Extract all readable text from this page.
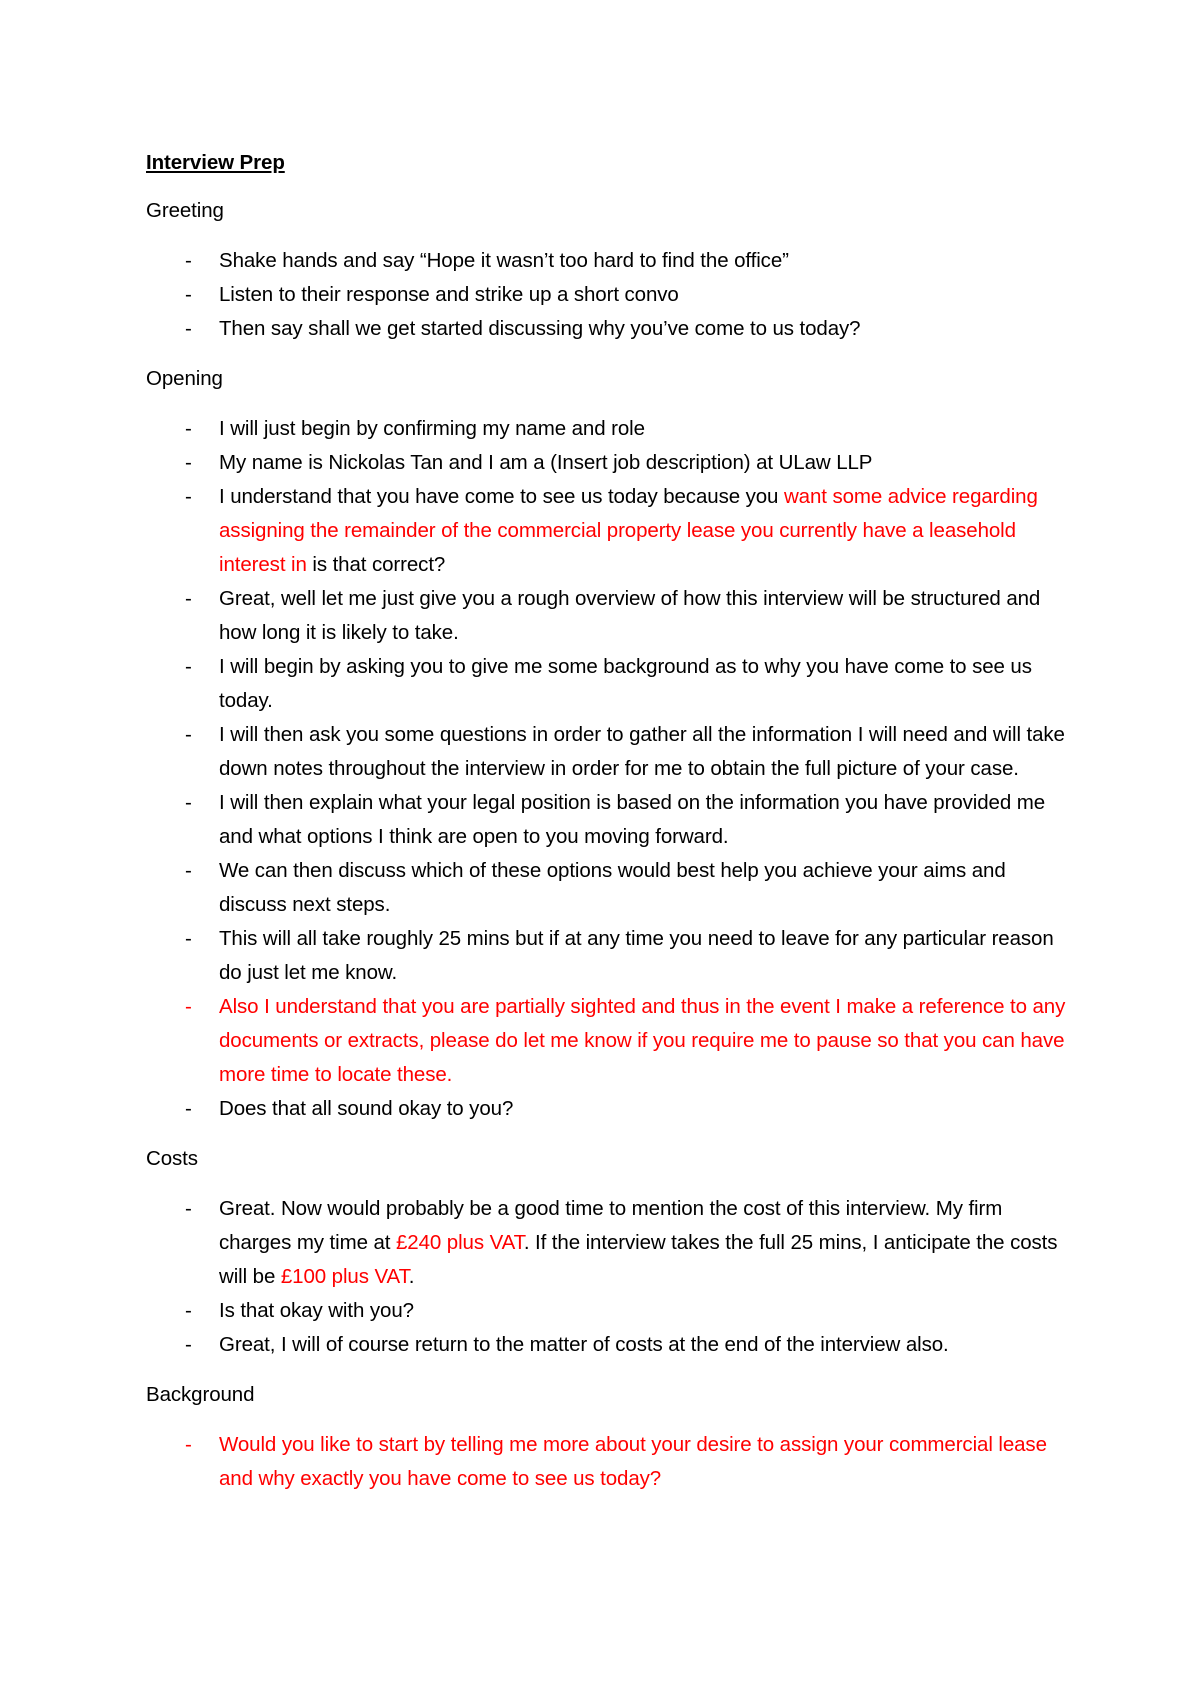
Interview Prep
Greeting
- Shake hands and say “Hope it wasn’t too hard to find the office”
- Listen to their response and strike up a short convo
- Then say shall we get started discussing why you’ve come to us today?
Opening
- I will just begin by confirming my name and role
- My name is Nickolas Tan and I am a (Insert job description) at ULaw LLP
- I understand that you have come to see us today because you want some advice regarding assigning the remainder of the commercial property lease you currently have a leasehold interest in is that correct?
- Great, well let me just give you a rough overview of how this interview will be structured and how long it is likely to take.
- I will begin by asking you to give me some background as to why you have come to see us today.
- I will then ask you some questions in order to gather all the information I will need and will take down notes throughout the interview in order for me to obtain the full picture of your case.
- I will then explain what your legal position is based on the information you have provided me and what options I think are open to you moving forward.
- We can then discuss which of these options would best help you achieve your aims and discuss next steps.
- This will all take roughly 25 mins but if at any time you need to leave for any particular reason do just let me know.
- Also I understand that you are partially sighted and thus in the event I make a reference to any documents or extracts, please do let me know if you require me to pause so that you can have more time to locate these.
- Does that all sound okay to you?
Costs
- Great. Now would probably be a good time to mention the cost of this interview. My firm charges my time at £240 plus VAT. If the interview takes the full 25 mins, I anticipate the costs will be £100 plus VAT.
- Is that okay with you?
- Great, I will of course return to the matter of costs at the end of the interview also.
Background
- Would you like to start by telling me more about your desire to assign your commercial lease and why exactly you have come to see us today?
